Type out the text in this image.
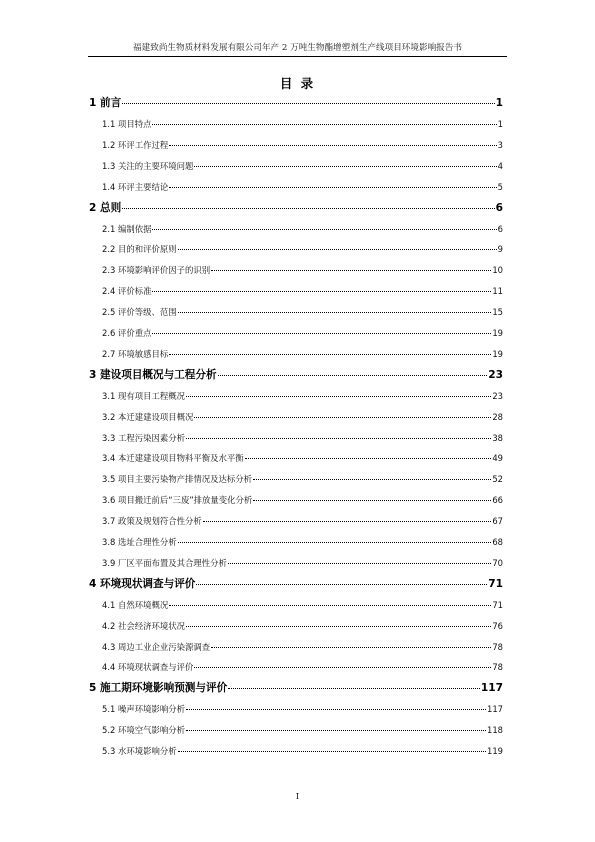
福建致尚生物质材料发展有限公司年产 2 万吨生物酯增塑剂生产线项目环境影响报告书
目 录
1 前言	1
1.1 项目特点	1
1.2 环评工作过程	3
1.3 关注的主要环境问题	4
1.4 环评主要结论	5
2 总则	6
2.1 编制依据	6
2.2 目的和评价原则	9
2.3 环境影响评价因子的识别	10
2.4 评价标准	11
2.5 评价等级、范围	15
2.6 评价重点	19
2.7 环境敏感目标	19
3 建设项目概况与工程分析	23
3.1 现有项目工程概况	23
3.2 本迁建建设项目概况	28
3.3 工程污染因素分析	38
3.4 本迁建建设项目物料平衡及水平衡	49
3.5 项目主要污染物产排情况及达标分析	52
3.6 项目搬迁前后“三废”排放量变化分析	66
3.7 政策及规划符合性分析	67
3.8 选址合理性分析	68
3.9 厂区平面布置及其合理性分析	70
4 环境现状调查与评价	71
4.1 自然环境概况	71
4.2 社会经济环境状况	76
4.3 周边工业企业污染源调查	78
4.4 环境现状调查与评价	78
5 施工期环境影响预测与评价	117
5.1 噪声环境影响分析	117
5.2 环境空气影响分析	118
5.3 水环境影响分析	119
I
